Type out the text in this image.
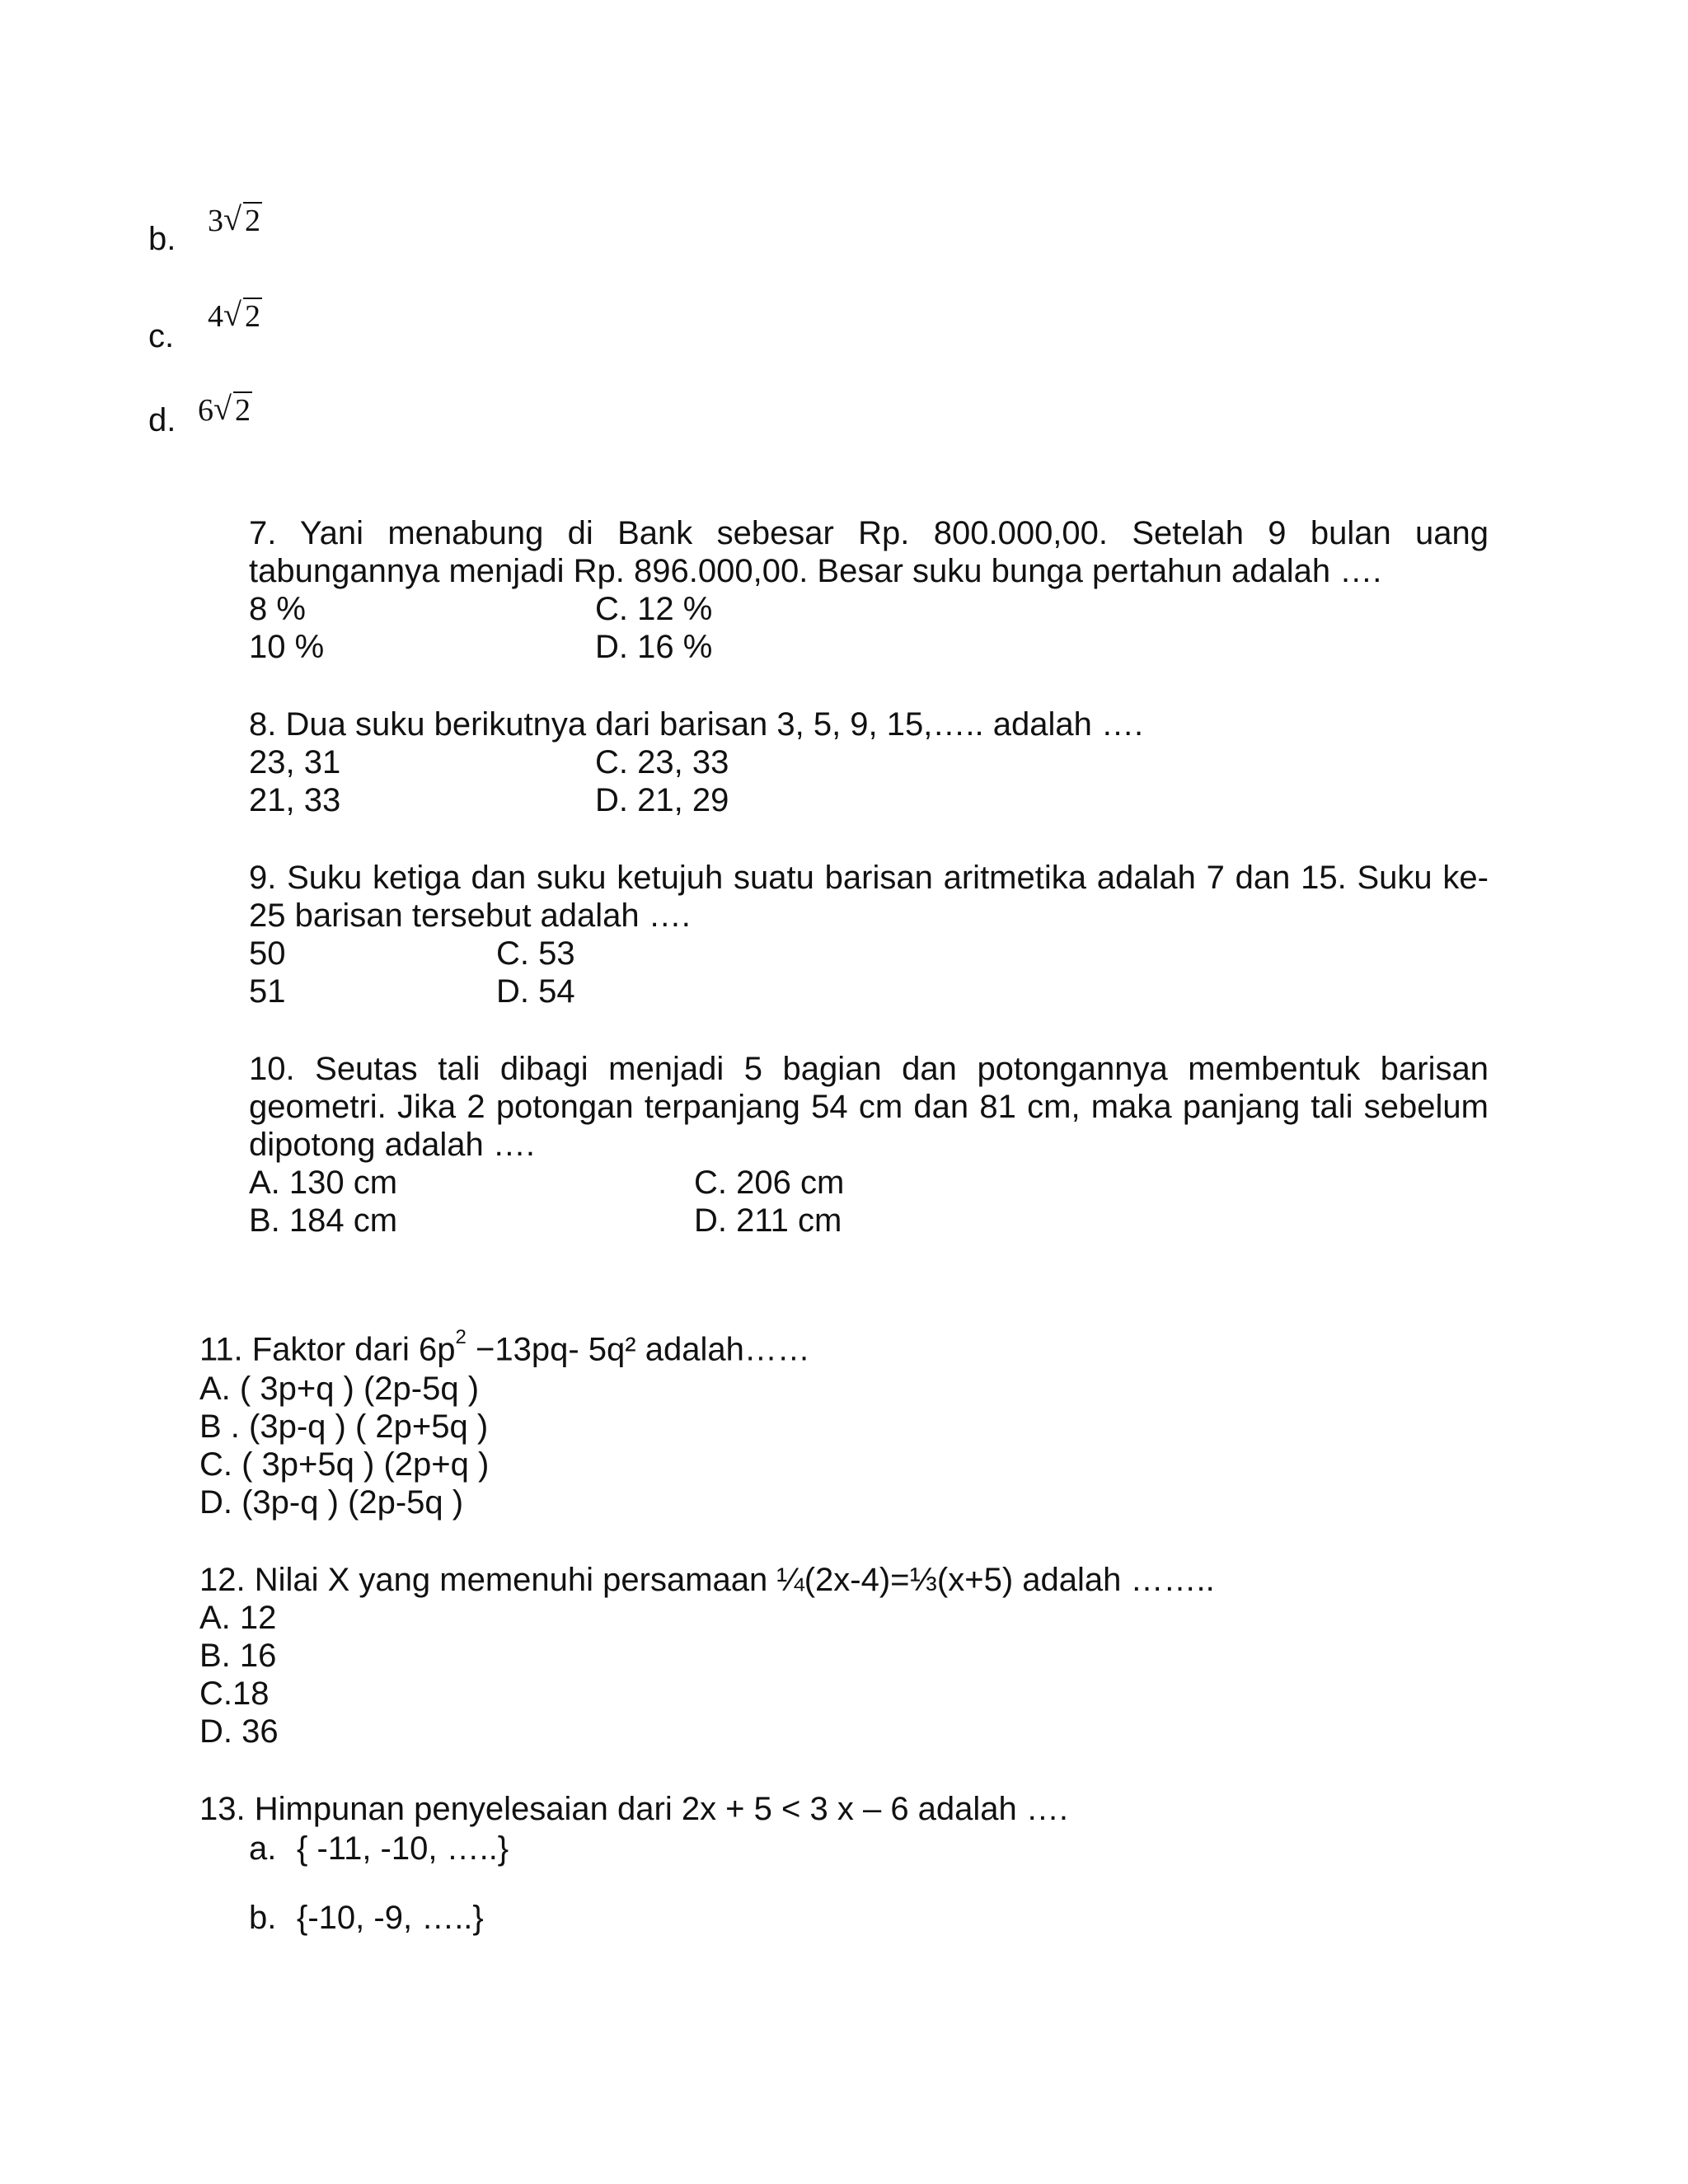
b. 3 √ 2
c.
4 √ 2
d. 6 √ 2
7. Yani menabung di Bank sebesar Rp. 800.000,00. Setelah 9 bulan uang tabungannya menjadi Rp. 896.000,00. Besar suku bunga pertahun adalah ….
8 %	C. 12 %
10 %	D. 16 %
8. Dua suku berikutnya dari barisan 3, 5, 9, 15,….. adalah ….
23, 31	C. 23, 33
21, 33	D. 21, 29
9. Suku ketiga dan suku ketujuh suatu barisan aritmetika adalah 7 dan 15. Suku ke-25 barisan tersebut adalah ….
50	C. 53
51	D. 54
10. Seutas tali dibagi menjadi 5 bagian dan potongannya membentuk barisan geometri. Jika 2 potongan terpanjang 54 cm dan 81 cm, maka panjang tali sebelum dipotong adalah ….
A. 130 cm	C. 206 cm
B. 184 cm	D. 211 cm
11. Faktor dari $6p^2 -13pq-$ 5q² adalah……
A. ( 3p+q ) (2p-5q )
B . (3p-q ) ( 2p+5q )
C. ( 3p+5q ) (2p+q )
D. (3p-q ) (2p-5q )
12. Nilai X yang memenuhi persamaan ¼(2x-4)=⅓(x+5) adalah ……..
A. 12
B. 16
C.18
D. 36
13. Himpunan penyelesaian dari 2x + 5 < 3 x – 6 adalah ….
a. { -11, -10, …..}
b. {-10, -9, …..}
